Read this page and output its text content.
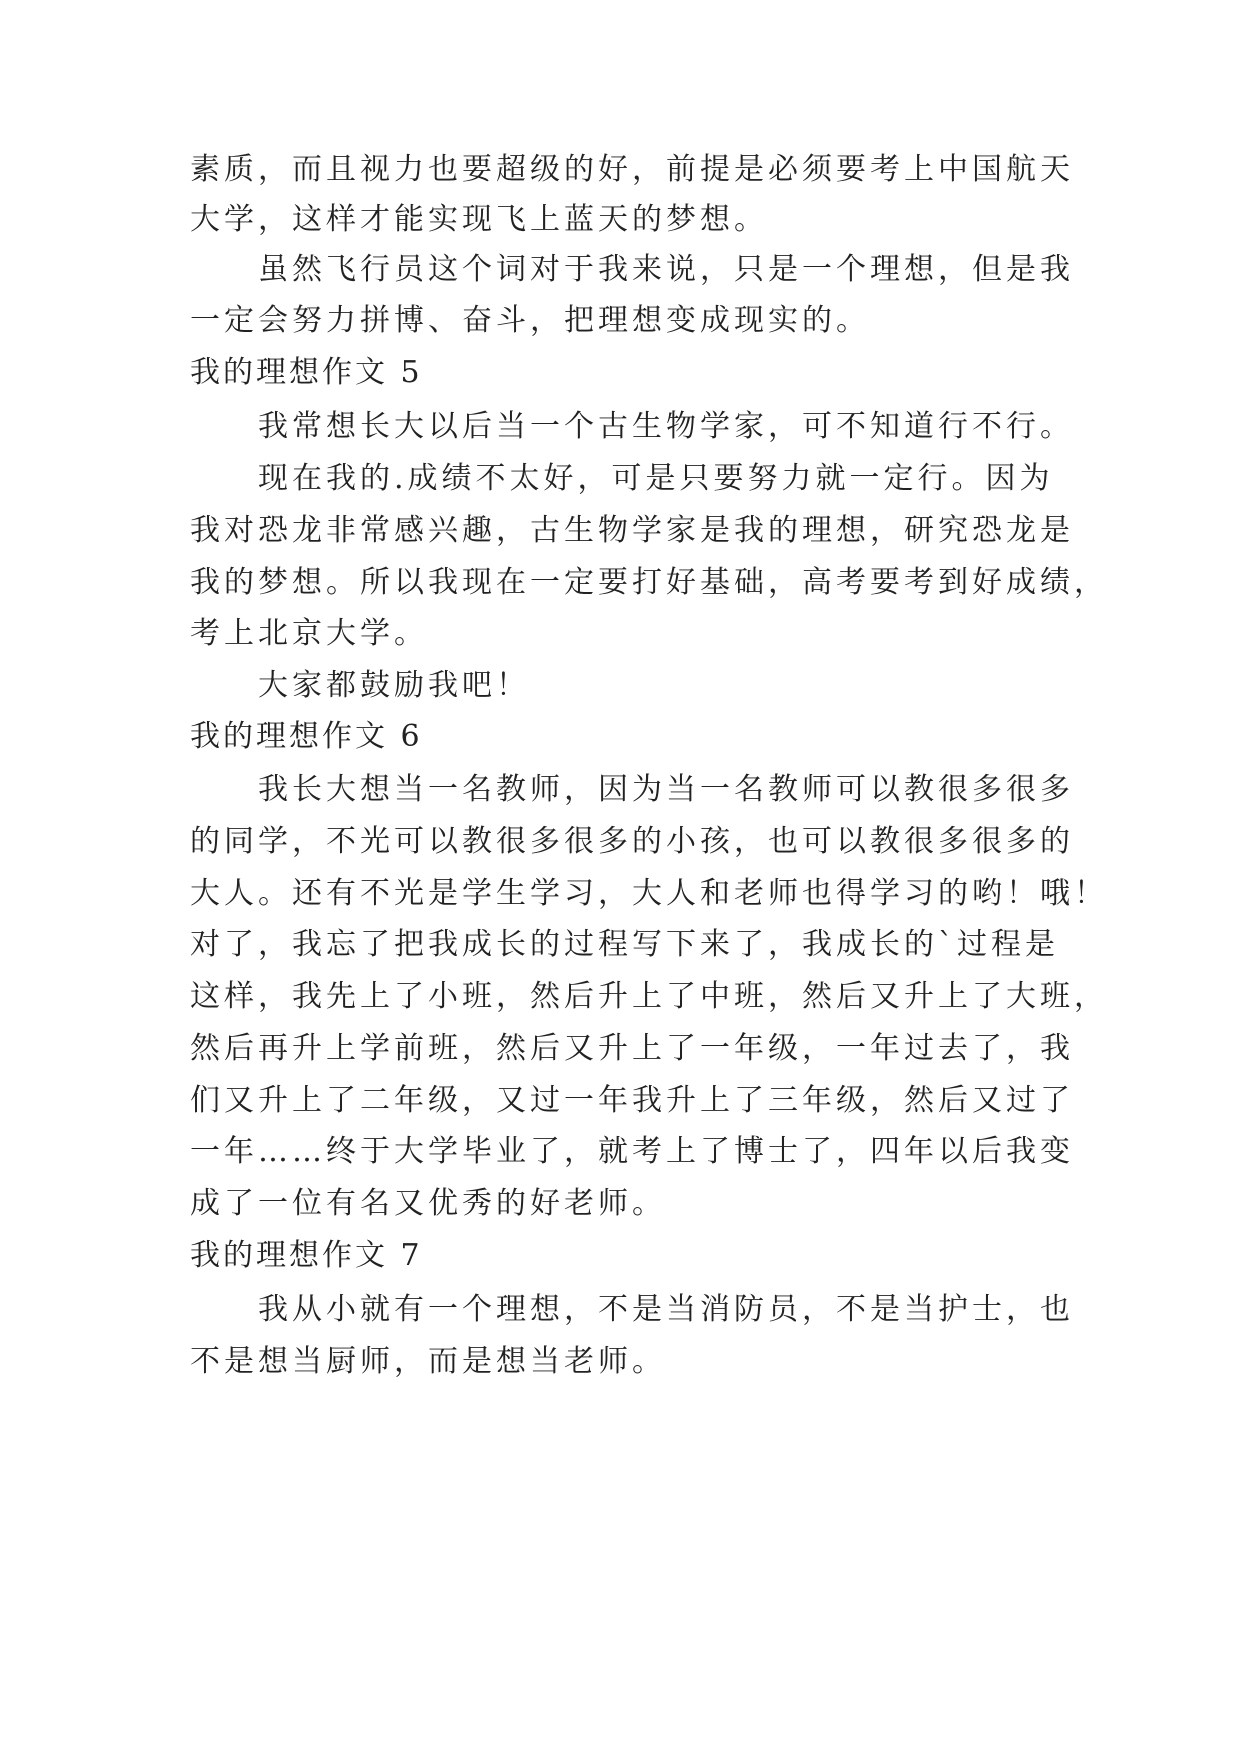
素质，而且视力也要超级的好，前提是必须要考上中国航天
大学，这样才能实现飞上蓝天的梦想。
虽然飞行员这个词对于我来说，只是一个理想，但是我
一定会努力拼博、奋斗，把理想变成现实的。
我的理想作文 5
我常想长大以后当一个古生物学家，可不知道行不行。
现在我的.成绩不太好，可是只要努力就一定行。因为
我对恐龙非常感兴趣，古生物学家是我的理想，研究恐龙是
我的梦想。所以我现在一定要打好基础，高考要考到好成绩，
考上北京大学。
大家都鼓励我吧！
我的理想作文 6
我长大想当一名教师，因为当一名教师可以教很多很多
的同学，不光可以教很多很多的小孩，也可以教很多很多的
大人。还有不光是学生学习，大人和老师也得学习的哟！哦！
对了，我忘了把我成长的过程写下来了，我成长的`过程是
这样，我先上了小班，然后升上了中班，然后又升上了大班，
然后再升上学前班，然后又升上了一年级，一年过去了，我
们又升上了二年级，又过一年我升上了三年级，然后又过了
一年……终于大学毕业了，就考上了博士了，四年以后我变
成了一位有名又优秀的好老师。
我的理想作文 7
我从小就有一个理想，不是当消防员，不是当护士，也
不是想当厨师，而是想当老师。
